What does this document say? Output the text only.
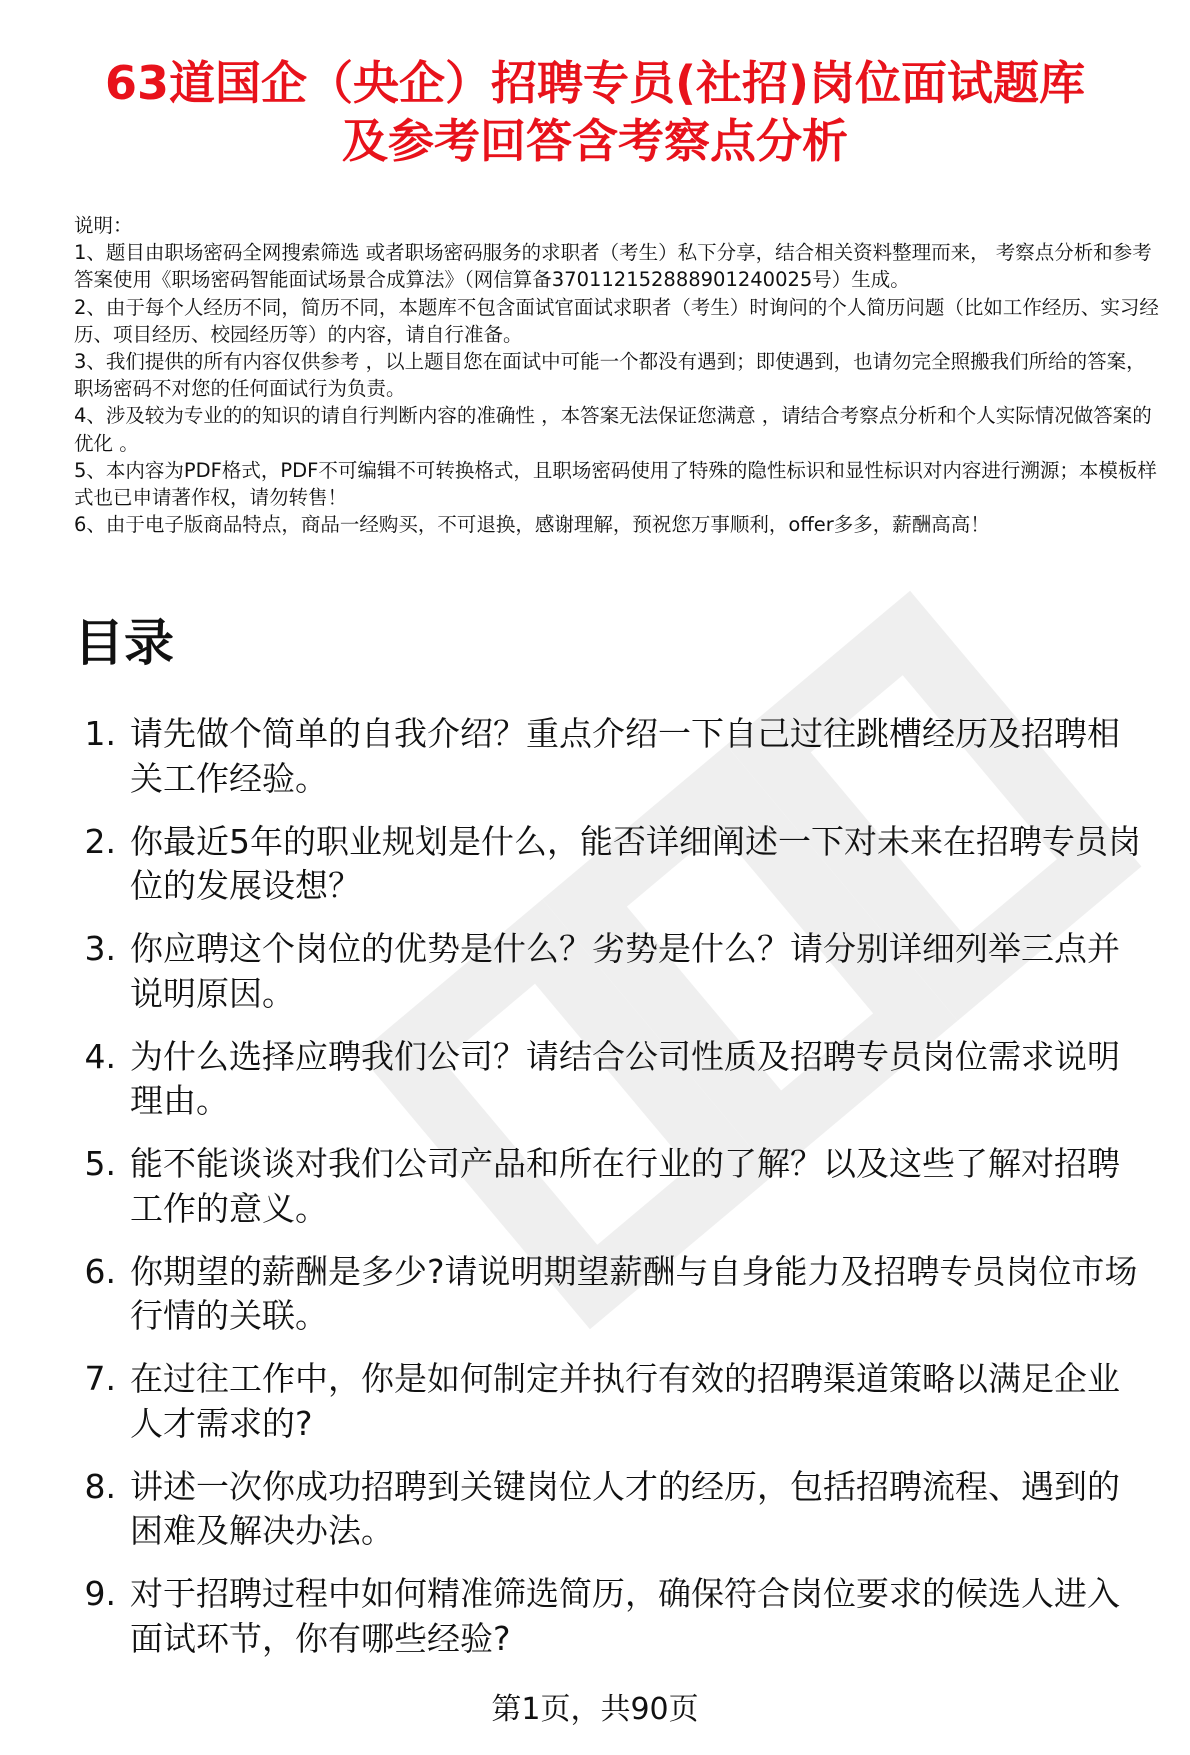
63道国企（央企）招聘专员(社招)岗位面试题库
及参考回答含考察点分析

说明：

1、题目由职场密码全网搜索筛选 或者职场密码服务的求职者（考生）私下分享，结合相关资料整理而来， 考察点分析和参考答案使用《职场密码智能面试场景合成算法》（网信算备370112152888901240025号）生成。

2、由于每个人经历不同，简历不同，本题库不包含面试官面试求职者（考生）时询问的个人简历问题（比如工作经历、实习经历、项目经历、校园经历等）的内容，请自行准备。

3、我们提供的所有内容仅供参考 ，以上题目您在面试中可能一个都没有遇到；即使遇到，也请勿完全照搬我们所给的答案，职场密码不对您的任何面试行为负责。

4、涉及较为专业的的知识的请自行判断内容的准确性 ，本答案无法保证您满意 ，请结合考察点分析和个人实际情况做答案的优化 。

5、本内容为PDF格式，PDF不可编辑不可转换格式，且职场密码使用了特殊的隐性标识和显性标识对内容进行溯源；本模板样式也已申请著作权，请勿转售！

6、由于电子版商品特点，商品一经购买，不可退换，感谢理解，预祝您万事顺利，offer多多，薪酬高高！

目录
1. 请先做个简单的自我介绍？重点介绍一下自己过往跳槽经历及招聘相关工作经验。
2. 你最近5年的职业规划是什么，能否详细阐述一下对未来在招聘专员岗位的发展设想？
3. 你应聘这个岗位的优势是什么？劣势是什么？请分别详细列举三点并说明原因。
4. 为什么选择应聘我们公司？请结合公司性质及招聘专员岗位需求说明理由。
5. 能不能谈谈对我们公司产品和所在行业的了解？以及这些了解对招聘工作的意义。
6. 你期望的薪酬是多少?请说明期望薪酬与自身能力及招聘专员岗位市场行情的关联。
7. 在过往工作中，你是如何制定并执行有效的招聘渠道策略以满足企业人才需求的?
8. 讲述一次你成功招聘到关键岗位人才的经历，包括招聘流程、遇到的困难及解决办法。
9. 对于招聘过程中如何精准筛选简历，确保符合岗位要求的候选人进入面试环节，你有哪些经验?
第1页，共90页
